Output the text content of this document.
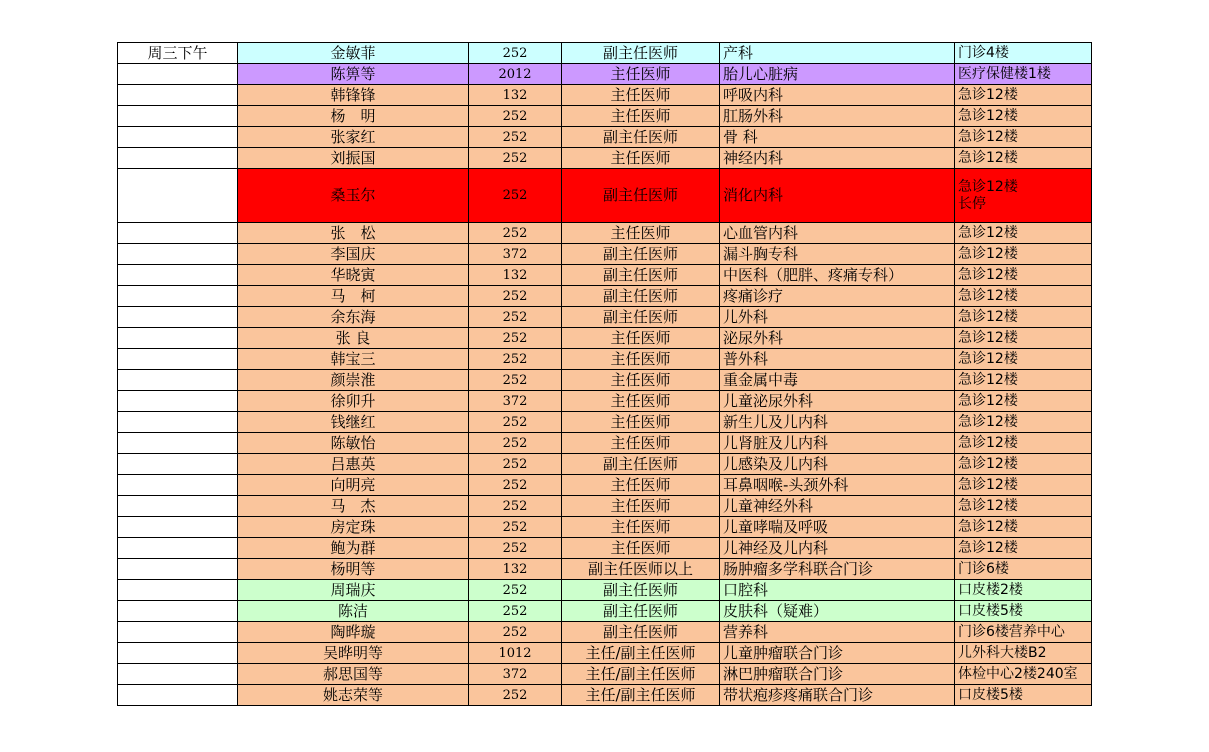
周三下午	金敏菲	252	副主任医师	产科	门诊4楼

	陈箅等	2012	主任医师	胎儿心脏病	医疗保健楼1楼

	韩锋锋	132	主任医师	呼吸内科	急诊12楼

	杨　明	252	主任医师	肛肠外科	急诊12楼

	张家红	252	副主任医师	骨 科	急诊12楼

	刘振国	252	主任医师	神经内科	急诊12楼

	桑玉尔	252	副主任医师	消化内科	急诊12楼
长停

	张　松	252	主任医师	心血管内科	急诊12楼

	李国庆	372	副主任医师	漏斗胸专科	急诊12楼

	华晓寅	132	副主任医师	中医科（肥胖、疼痛专科）	急诊12楼

	马　柯	252	副主任医师	疼痛诊疗	急诊12楼

	余东海	252	副主任医师	儿外科	急诊12楼

	张 良	252	主任医师	泌尿外科	急诊12楼

	韩宝三	252	主任医师	普外科	急诊12楼

	颜崇淮	252	主任医师	重金属中毒	急诊12楼

	徐卯升	372	主任医师	儿童泌尿外科	急诊12楼

	钱继红	252	主任医师	新生儿及儿内科	急诊12楼

	陈敏怡	252	主任医师	儿肾脏及儿内科	急诊12楼

	吕惠英	252	副主任医师	儿感染及儿内科	急诊12楼

	向明亮	252	主任医师	耳鼻咽喉-头颈外科	急诊12楼

	马　杰	252	主任医师	儿童神经外科	急诊12楼

	房定珠	252	主任医师	儿童哮喘及呼吸	急诊12楼

	鲍为群	252	主任医师	儿神经及儿内科	急诊12楼

	杨明等	132	副主任医师以上	肠肿瘤多学科联合门诊	门诊6楼

	周瑞庆	252	副主任医师	口腔科	口皮楼2楼

	陈洁	252	副主任医师	皮肤科（疑难）	口皮楼5楼

	陶晔璇	252	副主任医师	营养科	门诊6楼营养中心

	吴晔明等	1012	主任/副主任医师	儿童肿瘤联合门诊	儿外科大楼B2

	郝思国等	372	主任/副主任医师	淋巴肿瘤联合门诊	体检中心2楼240室

	姚志荣等	252	主任/副主任医师	带状疱疹疼痛联合门诊	口皮楼5楼
